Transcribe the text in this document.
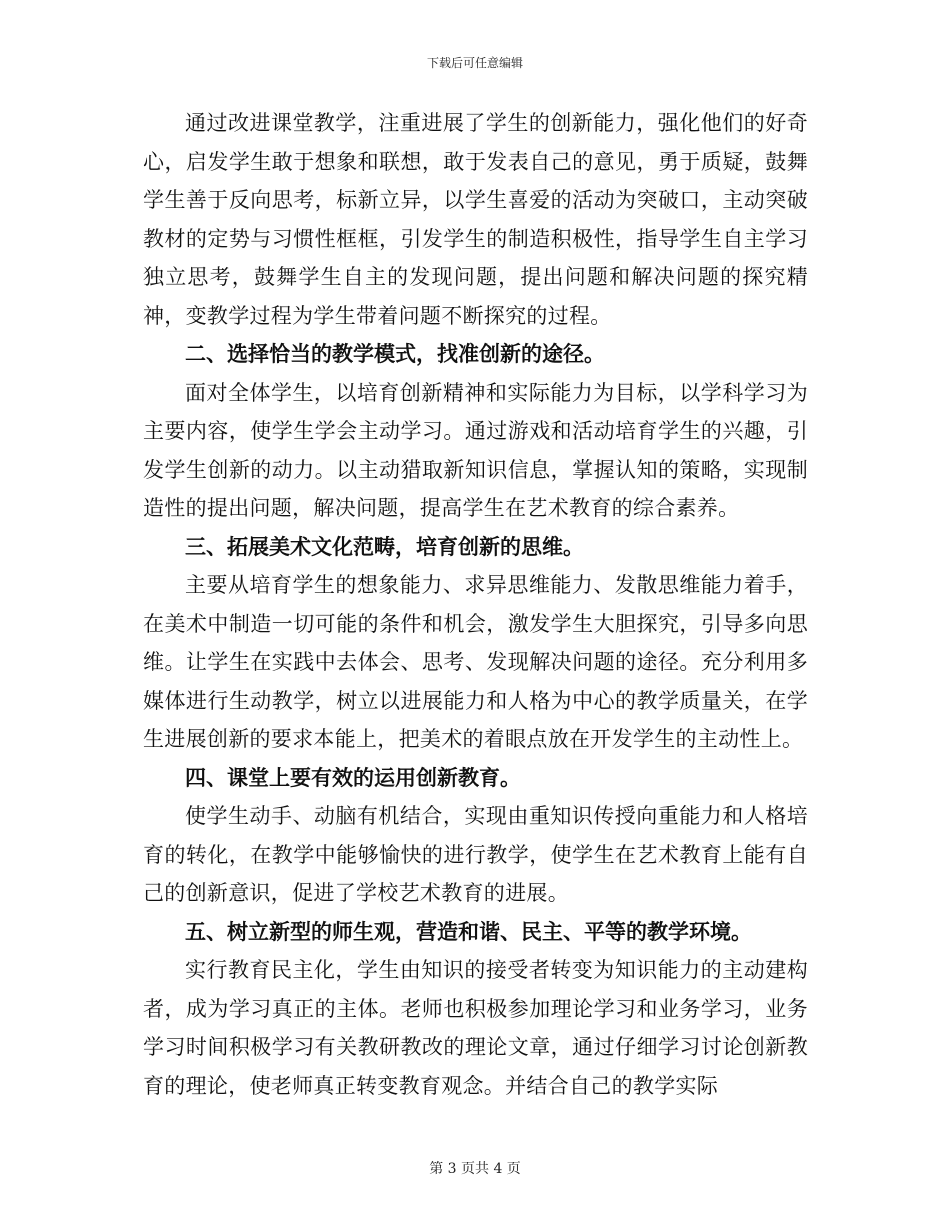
下载后可任意编辑

通过改进课堂教学，注重进展了学生的创新能力，强化他们的好奇心，启发学生敢于想象和联想，敢于发表自己的意见，勇于质疑，鼓舞学生善于反向思考，标新立异，以学生喜爱的活动为突破口，主动突破教材的定势与习惯性框框，引发学生的制造积极性，指导学生自主学习独立思考，鼓舞学生自主的发现问题，提出问题和解决问题的探究精神，变教学过程为学生带着问题不断探究的过程。

二、选择恰当的教学模式，找准创新的途径。

面对全体学生，以培育创新精神和实际能力为目标，以学科学习为主要内容，使学生学会主动学习。通过游戏和活动培育学生的兴趣，引发学生创新的动力。以主动猎取新知识信息，掌握认知的策略，实现制造性的提出问题，解决问题，提高学生在艺术教育的综合素养。

三、拓展美术文化范畴，培育创新的思维。

主要从培育学生的想象能力、求异思维能力、发散思维能力着手，在美术中制造一切可能的条件和机会，激发学生大胆探究，引导多向思维。让学生在实践中去体会、思考、发现解决问题的途径。充分利用多媒体进行生动教学，树立以进展能力和人格为中心的教学质量关，在学生进展创新的要求本能上，把美术的着眼点放在开发学生的主动性上。

四、课堂上要有效的运用创新教育。

使学生动手、动脑有机结合，实现由重知识传授向重能力和人格培育的转化，在教学中能够愉快的进行教学，使学生在艺术教育上能有自己的创新意识，促进了学校艺术教育的进展。

五、树立新型的师生观，营造和谐、民主、平等的教学环境。

实行教育民主化，学生由知识的接受者转变为知识能力的主动建构者，成为学习真正的主体。老师也积极参加理论学习和业务学习，业务学习时间积极学习有关教研教改的理论文章，通过仔细学习讨论创新教育的理论，使老师真正转变教育观念。并结合自己的教学实际

第 3 页共 4 页
